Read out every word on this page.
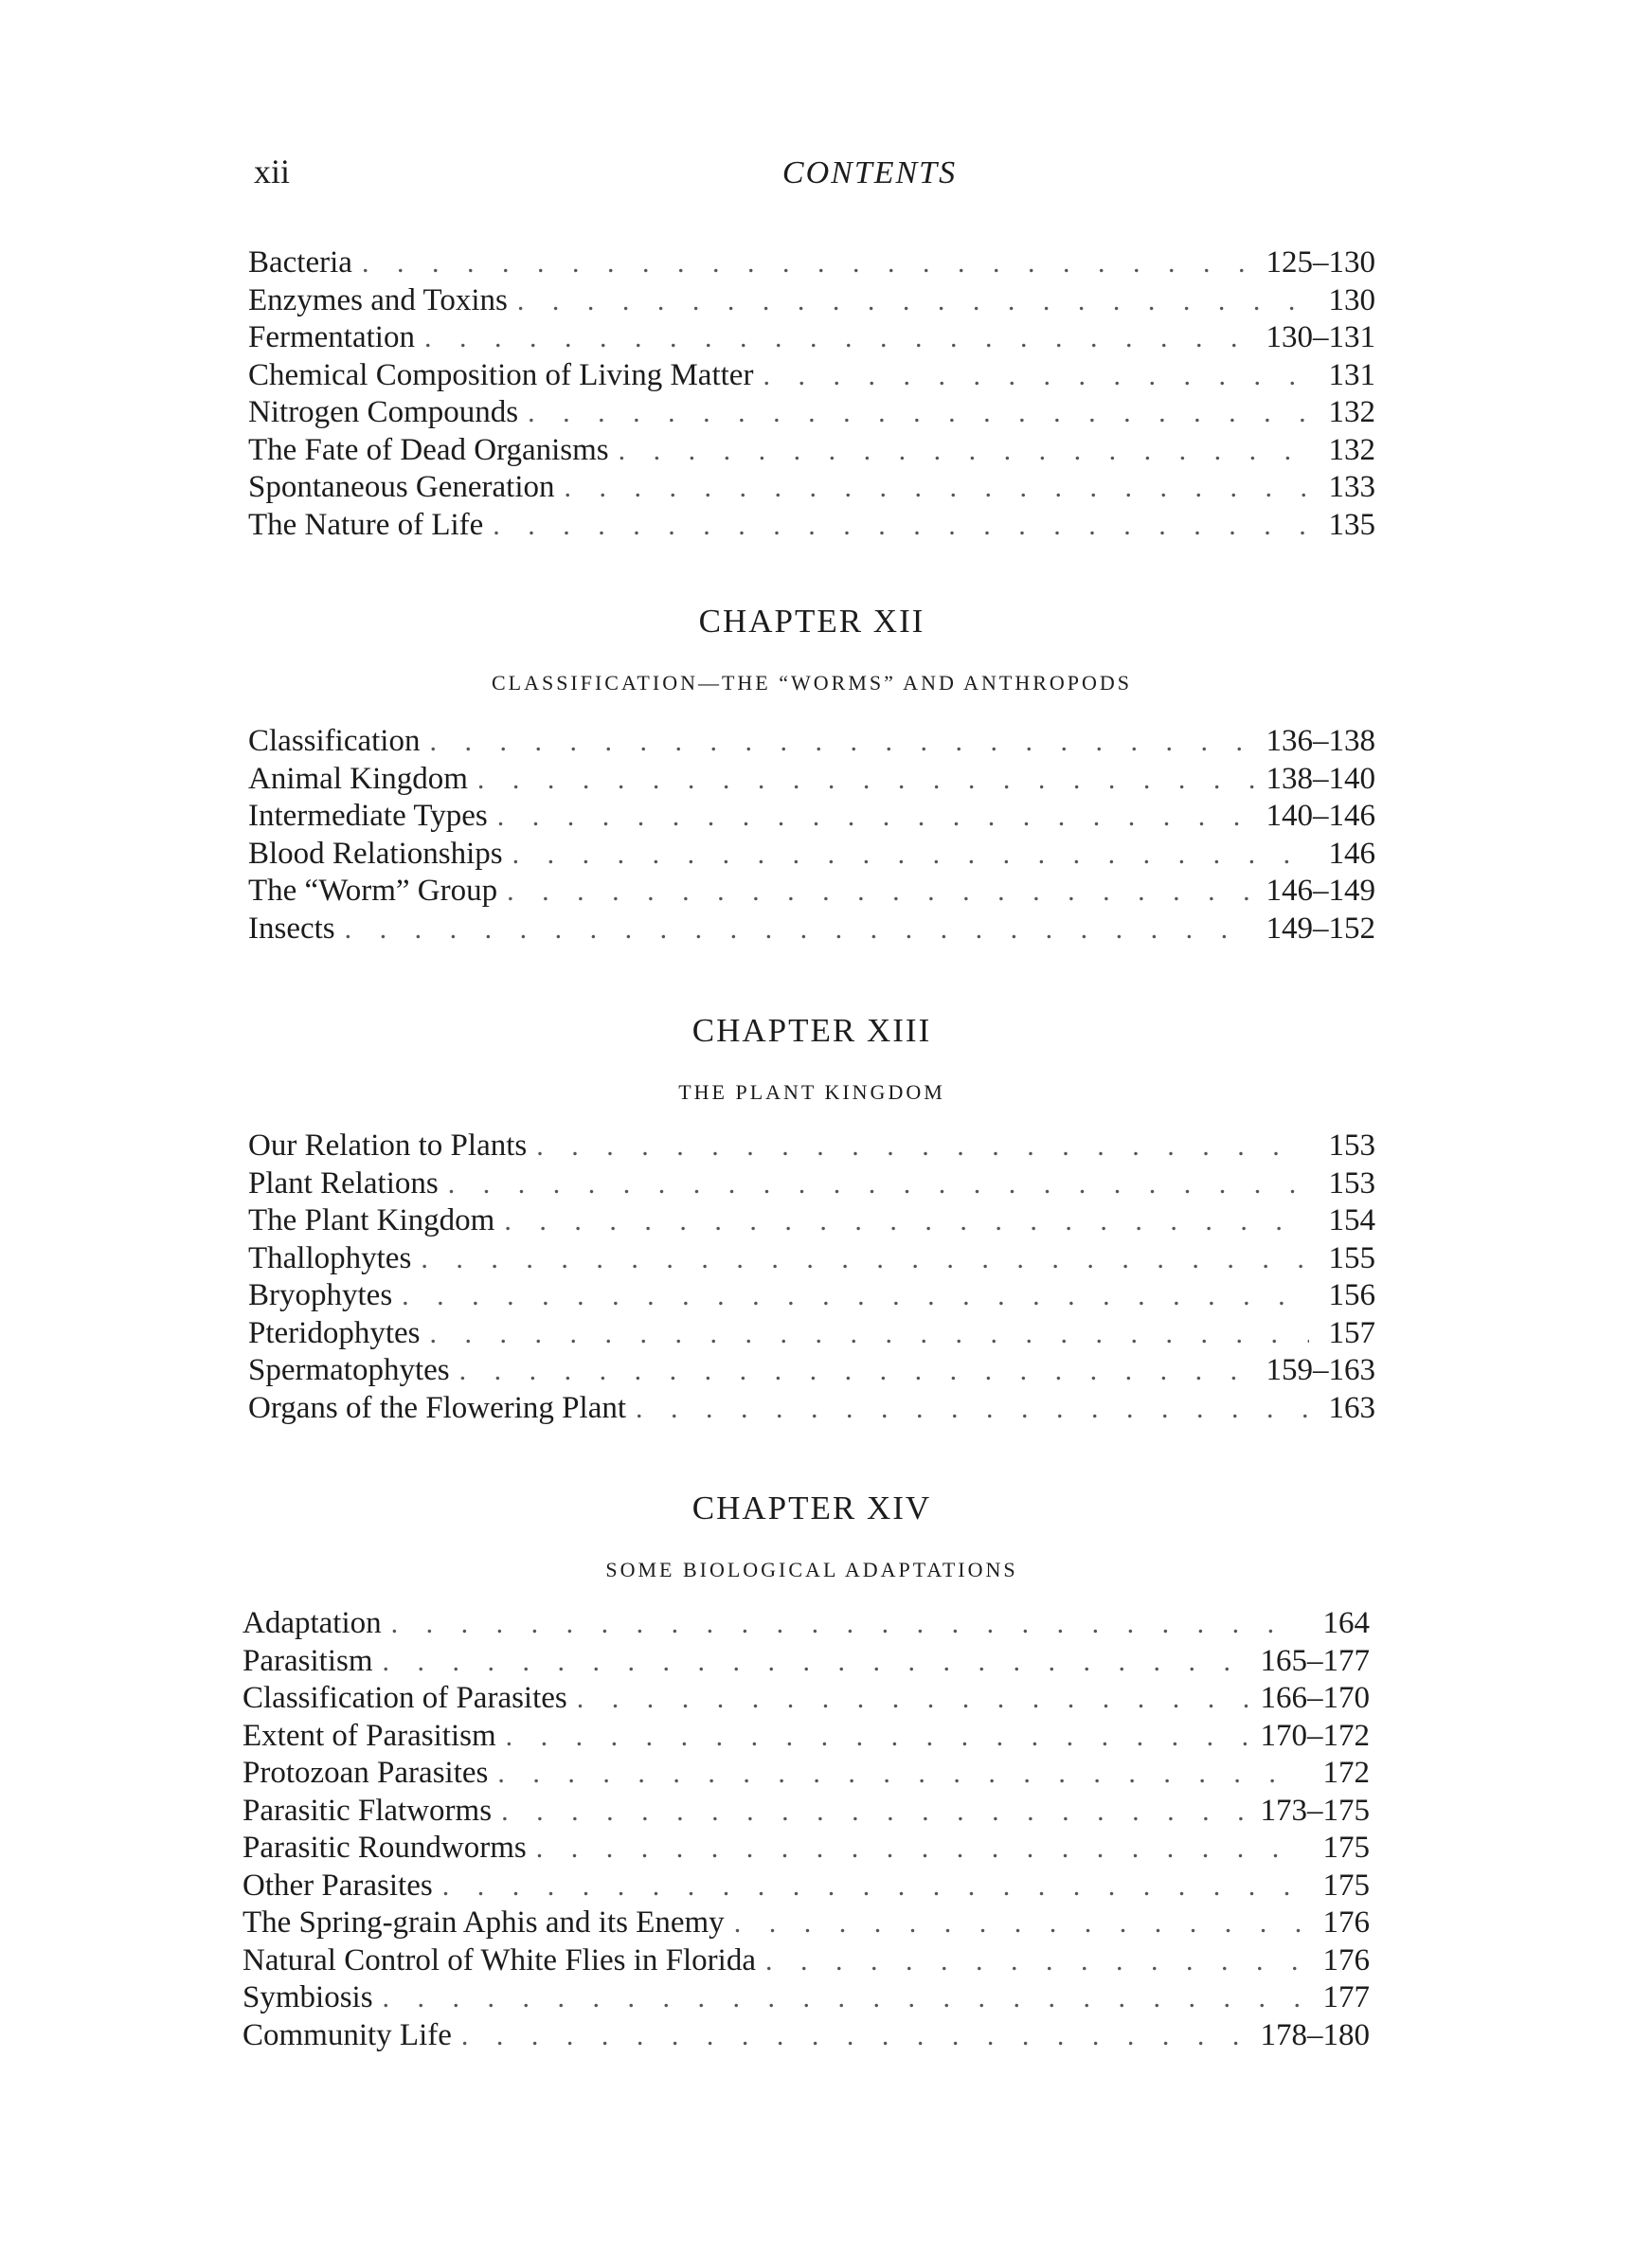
xii	CONTENTS
Bacteria . . .	125–130
Enzymes and Toxins . . .	130
Fermentation . . .	130–131
Chemical Composition of Living Matter . . .	131
Nitrogen Compounds . . .	132
The Fate of Dead Organisms . . .	132
Spontaneous Generation . . .	133
The Nature of Life . . .	135
CHAPTER XII
CLASSIFICATION—THE “WORMS” AND ANTHROPODS
Classification . . .	136–138
Animal Kingdom . . .	138–140
Intermediate Types . . .	140–146
Blood Relationships . . .	146
The “Worm” Group . . .	146–149
Insects . . .	149–152
CHAPTER XIII
THE PLANT KINGDOM
Our Relation to Plants . . .	153
Plant Relations . . .	153
The Plant Kingdom . . .	154
Thallophytes . . .	155
Bryophytes . . .	156
Pteridophytes . . .	157
Spermatophytes . . .	159–163
Organs of the Flowering Plant . . .	163
CHAPTER XIV
SOME BIOLOGICAL ADAPTATIONS
Adaptation . . .	164
Parasitism . . .	165–177
Classification of Parasites . . .	166–170
Extent of Parasitism . . .	170–172
Protozoan Parasites . . .	172
Parasitic Flatworms . . .	173–175
Parasitic Roundworms . . .	175
Other Parasites . . .	175
The Spring-grain Aphis and its Enemy . . .	176
Natural Control of White Flies in Florida . . .	176
Symbiosis . . .	177
Community Life . . .	178–180
